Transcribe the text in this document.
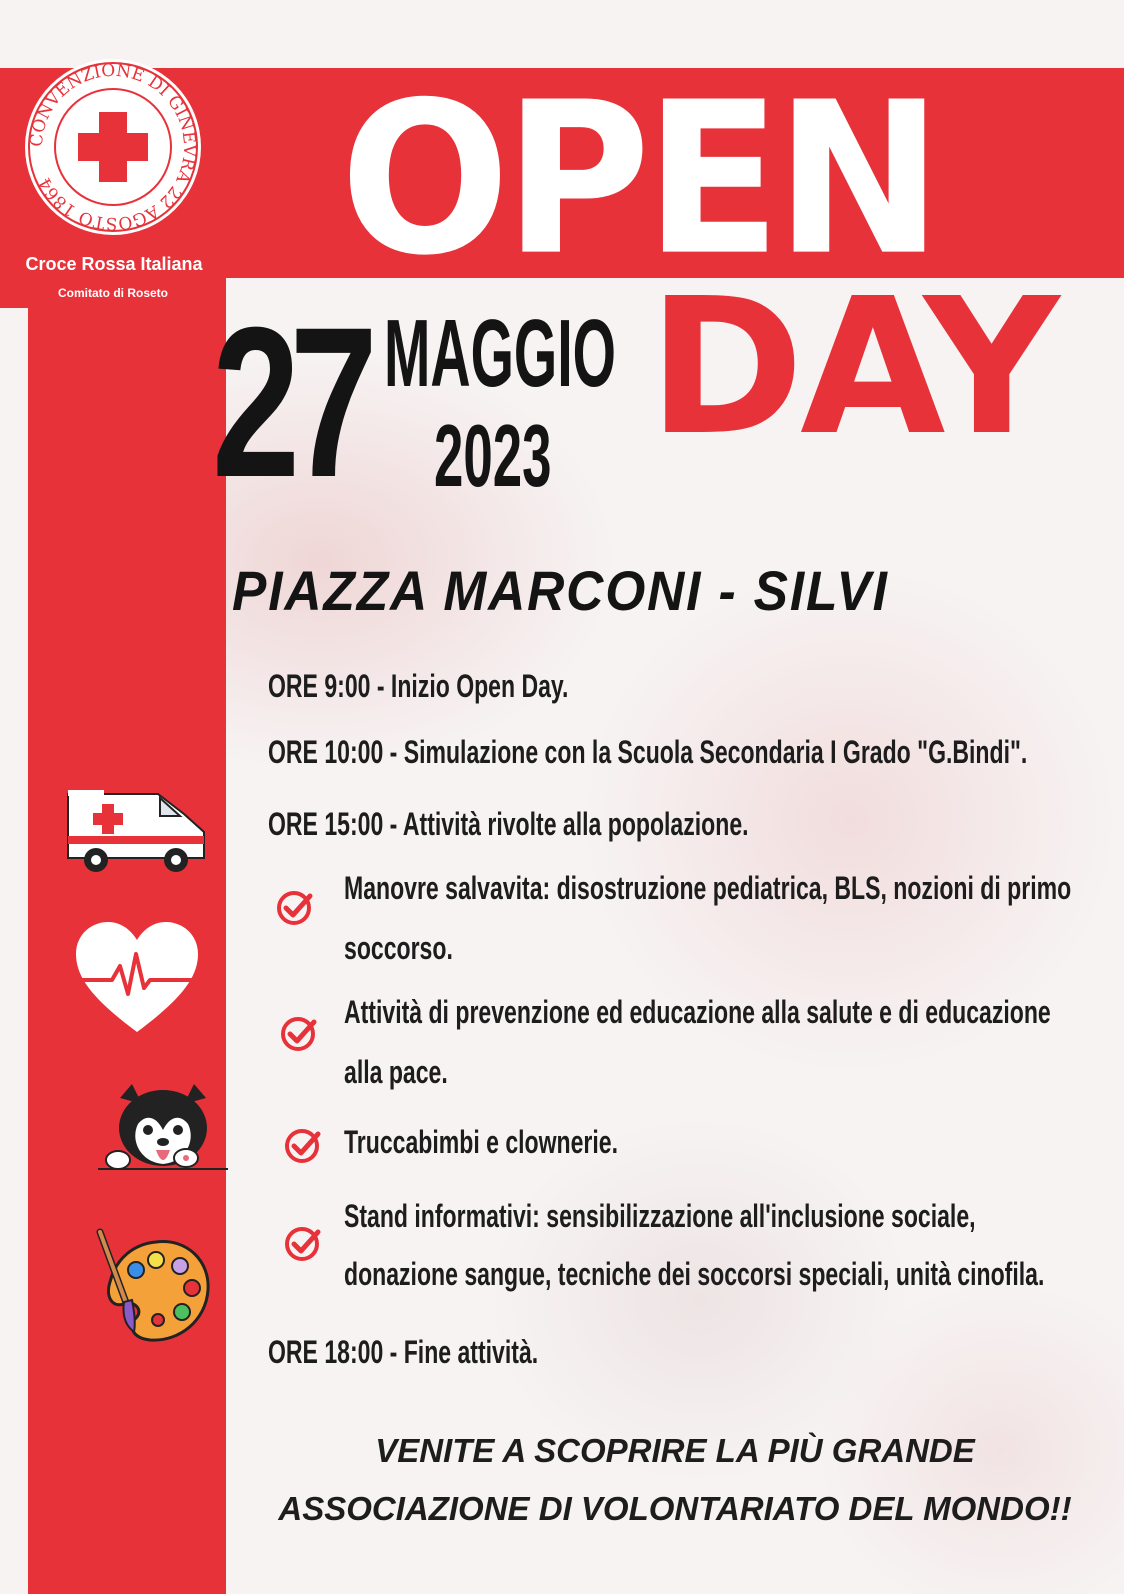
CONVENZIONE DI GINEVRA 22 AGOSTO 1864
Croce Rossa Italiana
Comitato di Roseto OPEN
DAY
27 MAGGIO
2023
PIAZZA MARCONI - SILVI
ORE 9:00 - Inizio Open Day.
ORE 10:00 - Simulazione con la Scuola Secondaria I Grado "G.Bindi".
ORE 15:00 - Attività rivolte alla popolazione.
Manovre salvavita: disostruzione pediatrica, BLS, nozioni di primo
soccorso.
Attività di prevenzione ed educazione alla salute e di educazione
alla pace.
Truccabimbi e clownerie.
Stand informativi: sensibilizzazione all'inclusione sociale,
donazione sangue, tecniche dei soccorsi speciali, unità cinofila.
ORE 18:00 - Fine attività.
VENITE A SCOPRIRE LA PIÙ GRANDE
ASSOCIAZIONE DI VOLONTARIATO DEL MONDO!!
